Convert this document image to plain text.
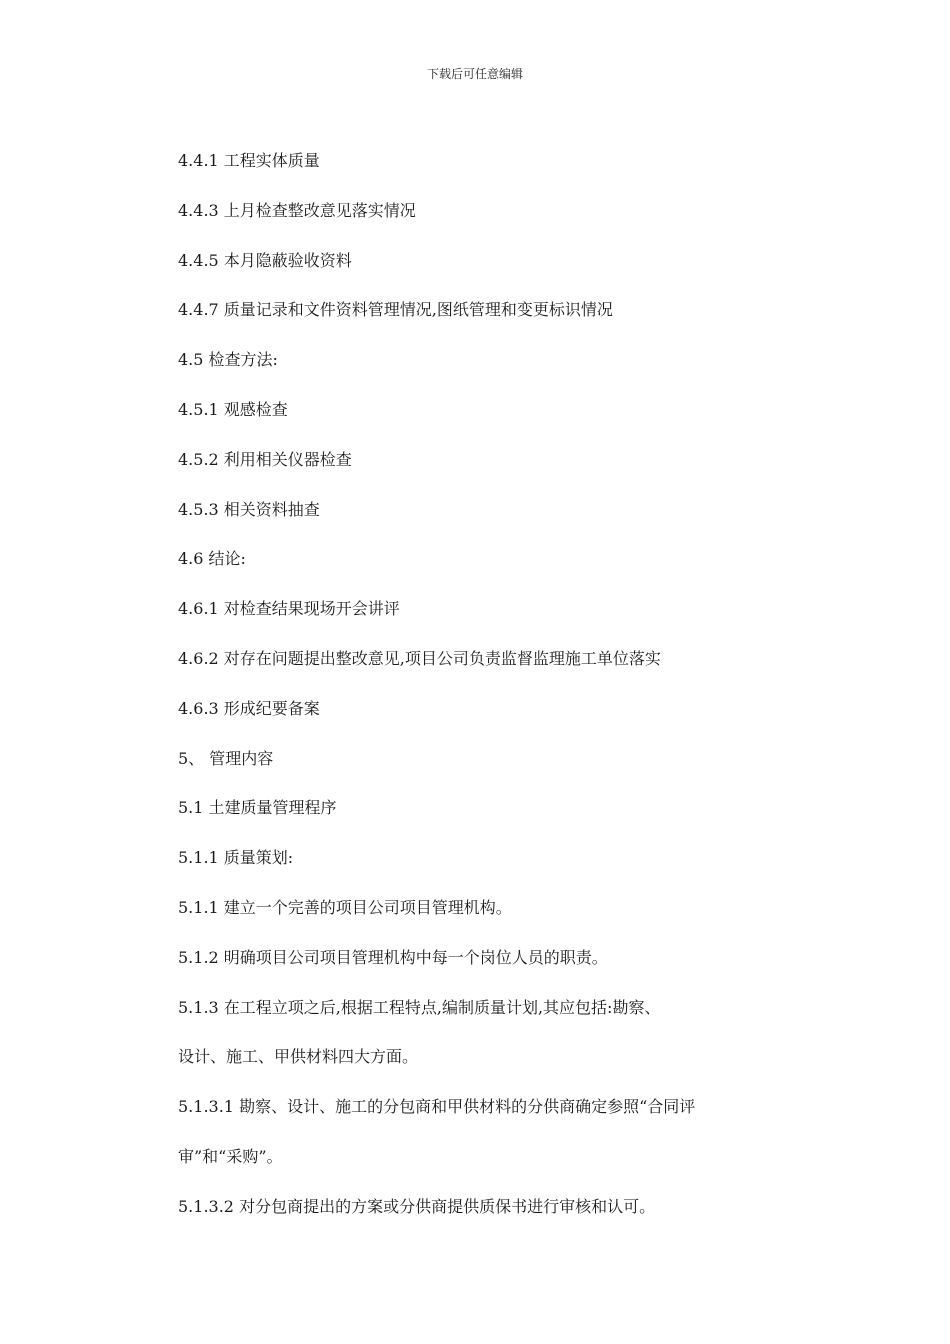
下载后可任意编辑
4.4.1 工程实体质量
4.4.3 上月检查整改意见落实情况
4.4.5 本月隐蔽验收资料
4.4.7 质量记录和文件资料管理情况,图纸管理和变更标识情况
4.5 检查方法:
4.5.1 观感检查
4.5.2 利用相关仪器检查
4.5.3 相关资料抽查
4.6 结论:
4.6.1 对检查结果现场开会讲评
4.6.2 对存在问题提出整改意见,项目公司负责监督监理施工单位落实
4.6.3 形成纪要备案
5、 管理内容
5.1 土建质量管理程序
5.1.1 质量策划:
5.1.1 建立一个完善的项目公司项目管理机构。
5.1.2 明确项目公司项目管理机构中每一个岗位人员的职责。
5.1.3 在工程立项之后,根据工程特点,编制质量计划,其应包括:勘察、
设计、施工、甲供材料四大方面。
5.1.3.1 勘察、设计、施工的分包商和甲供材料的分供商确定参照“合同评
审”和“采购”。
5.1.3.2 对分包商提出的方案或分供商提供质保书进行审核和认可。
